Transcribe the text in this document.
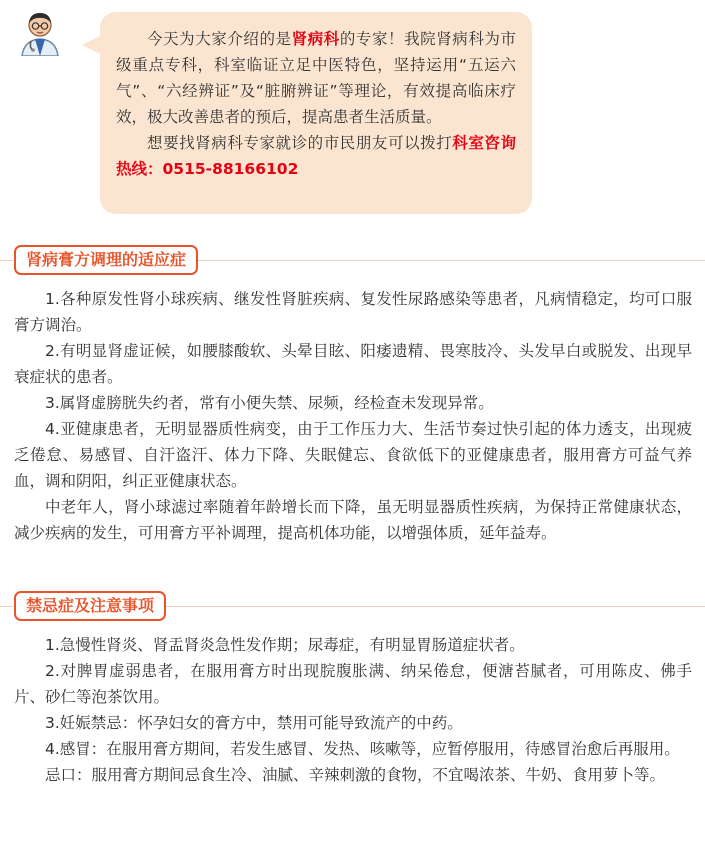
今天为大家介绍的是肾病科的专家！我院肾病科为市级重点专科，科室临证立足中医特色，坚持运用“五运六气”、“六经辨证”及“脏腑辨证”等理论，有效提高临床疗效，极大改善患者的预后，提高患者生活质量。

想要找肾病科专家就诊的市民朋友可以拨打科室咨询热线：0515-88166102

肾病膏方调理的适应症

1.各种原发性肾小球疾病、继发性肾脏疾病、复发性尿路感染等患者，凡病情稳定，均可口服膏方调治。

2.有明显肾虚证候，如腰膝酸软、头晕目眩、阳痿遗精、畏寒肢冷、头发早白或脱发、出现早衰症状的患者。

3.属肾虚膀胱失约者，常有小便失禁、尿频，经检查未发现异常。

4.亚健康患者，无明显器质性病变，由于工作压力大、生活节奏过快引起的体力透支，出现疲乏倦怠、易感冒、自汗盗汗、体力下降、失眠健忘、食欲低下的亚健康患者，服用膏方可益气养血，调和阴阳，纠正亚健康状态。

中老年人，肾小球滤过率随着年龄增长而下降，虽无明显器质性疾病，为保持正常健康状态，减少疾病的发生，可用膏方平补调理，提高机体功能，以增强体质，延年益寿。

禁忌症及注意事项

1.急慢性肾炎、肾盂肾炎急性发作期；尿毒症，有明显胃肠道症状者。

2.对脾胃虚弱患者，在服用膏方时出现脘腹胀满、纳呆倦怠，便溏苔腻者，可用陈皮、佛手片、砂仁等泡茶饮用。

3.妊娠禁忌：怀孕妇女的膏方中，禁用可能导致流产的中药。

4.感冒：在服用膏方期间，若发生感冒、发热、咳嗽等，应暂停服用，待感冒治愈后再服用。

忌口：服用膏方期间忌食生冷、油腻、辛辣刺激的食物，不宜喝浓茶、牛奶、食用萝卜等。
